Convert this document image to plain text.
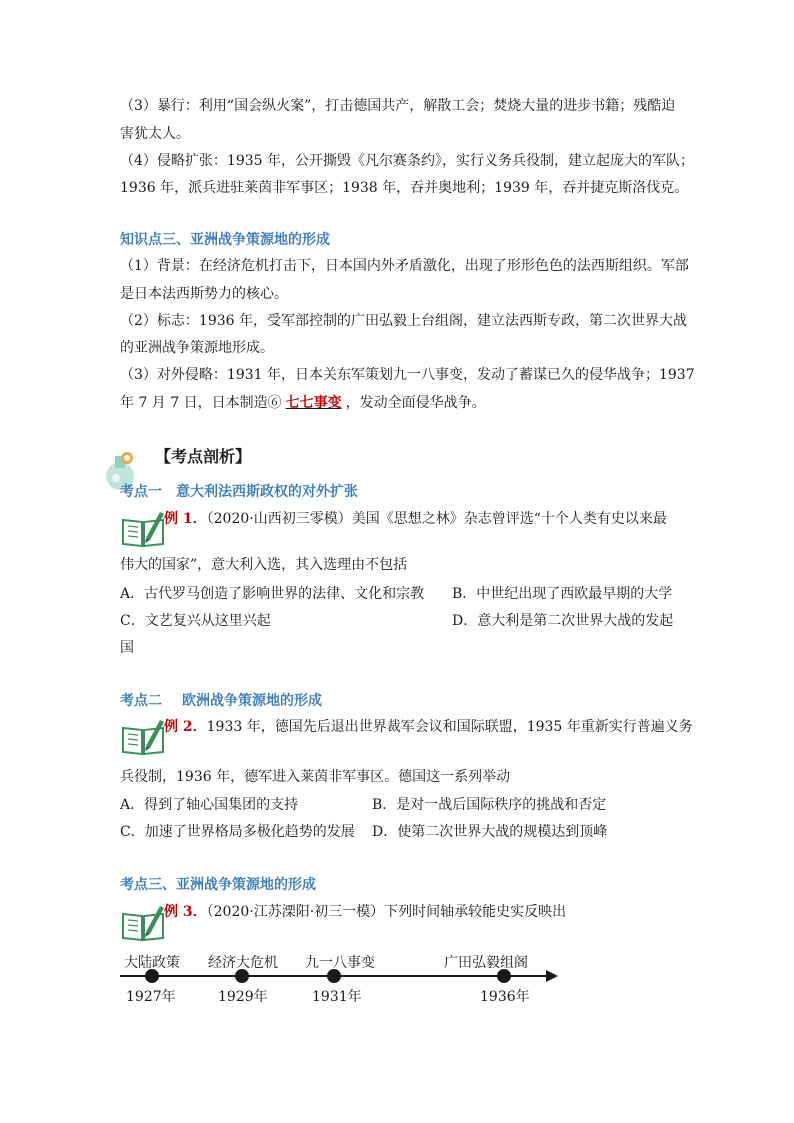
（3）暴行：利用“国会纵火案”，打击德国共产，解散工会；焚烧大量的进步书籍；残酷迫
害犹太人。
（4）侵略扩张：1935 年，公开撕毁《凡尔赛条约》，实行义务兵役制，建立起庞大的军队；
1936 年，派兵进驻莱茵非军事区；1938 年，吞并奥地利；1939 年，吞并捷克斯洛伐克。
知识点三、亚洲战争策源地的形成
（1）背景：在经济危机打击下，日本国内外矛盾激化，出现了形形色色的法西斯组织。军部
是日本法西斯势力的核心。
（2）标志：1936 年，受军部控制的广田弘毅上台组阁，建立法西斯专政，第二次世界大战
的亚洲战争策源地形成。
（3）对外侵略：1931 年，日本关东军策划九一八事变，发动了蓄谋已久的侵华战争；1937
年 7 月 7 日，日本制造⑥ 七七事变 ，发动全面侵华战争。
【考点剖析】
考点一 意大利法西斯政权的对外扩张
例 1．（2020·山西初三零模）美国《思想之林》杂志曾评选“十个人类有史以来最
伟大的国家”，意大利入选，其入选理由不包括
A．古代罗马创造了影响世界的法律、文化和宗教 B．中世纪出现了西欧最早期的大学
C．文艺复兴从这里兴起	D．意大利是第二次世界大战的发起
国
考点二 欧洲战争策源地的形成
例 2．1933 年，德国先后退出世界裁军会议和国际联盟，1935 年重新实行普遍义务
兵役制，1936 年，德军进入莱茵非军事区。德国这一系列举动
A．得到了轴心国集团的支持	B．是对一战后国际秩序的挑战和否定
C．加速了世界格局多极化趋势的发展 D．使第二次世界大战的规模达到顶峰
考点三、亚洲战争策源地的形成
例 3．（2020·江苏溧阳·初三一模）下列时间轴承较能史实反映出
大陆政策 经济大危机 九一八事变	广田弘毅组阁
1927年	1929年	1931年	1936年
